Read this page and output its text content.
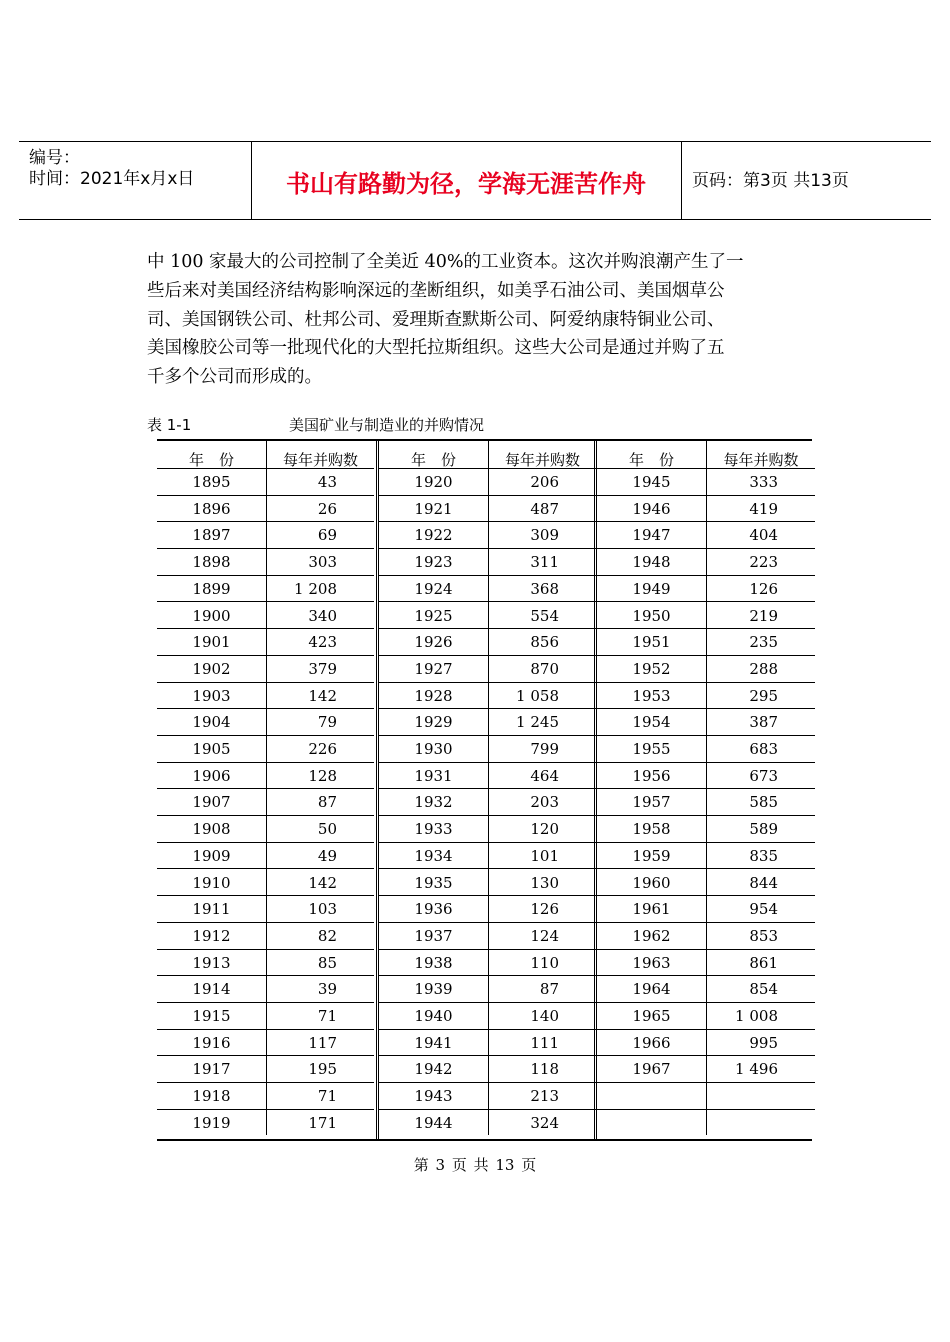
编号：
时间：2021年x月x日	书山有路勤为径，学海无涯苦作舟	页码：第3页 共13页
中 100 家最大的公司控制了全美近 40%的工业资本。这次并购浪潮产生了一
些后来对美国经济结构影响深远的垄断组织，如美孚石油公司、美国烟草公
司、美国钢铁公司、杜邦公司、爱理斯查默斯公司、阿爱纳康特铜业公司、
美国橡胶公司等一批现代化的大型托拉斯组织。这些大公司是通过并购了五
千多个公司而形成的。
表 1-1	美国矿业与制造业的并购情况
年　份	每年并购数
1895	43
1896	26
1897	69
1898	303
1899	1 208
1900	340
1901	423
1902	379
1903	142
1904	79
1905	226
1906	128
1907	87
1908	50
1909	49
1910	142
1911	103
1912	82
1913	85
1914	39
1915	71
1916	117
1917	195
1918	71
1919	171
年　份	每年并购数
1920	206
1921	487
1922	309
1923	311
1924	368
1925	554
1926	856
1927	870
1928	1 058
1929	1 245
1930	799
1931	464
1932	203
1933	120
1934	101
1935	130
1936	126
1937	124
1938	110
1939	87
1940	140
1941	111
1942	118
1943	213
1944	324
年　份	每年并购数
1945	333
1946	419
1947	404
1948	223
1949	126
1950	219
1951	235
1952	288
1953	295
1954	387
1955	683
1956	673
1957	585
1958	589
1959	835
1960	844
1961	954
1962	853
1963	861
1964	854
1965	1 008
1966	995
1967	1 496
第 3 页 共 13 页
